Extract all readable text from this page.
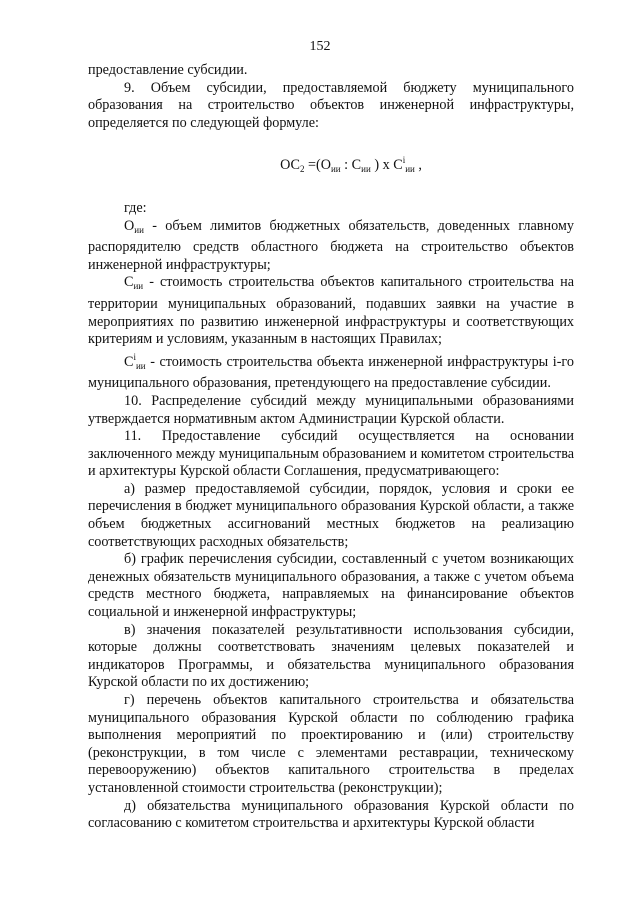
152

предоставление субсидии.

9. Объем субсидии, предоставляемой бюджету муниципального образования на строительство объектов инженерной инфраструктуры, определяется по следующей формуле:

$ОС_2 =(О_{ии}$ : $С_{ии}$ ) х $С^i_{ии}$ ,

где:

$О_{ии}$ - объем лимитов бюджетных обязательств, доведенных главному распорядителю средств областного бюджета на строительство объектов инженерной инфраструктуры;

$С_{ии}$ - стоимость строительства объектов капитального строительства на территории муниципальных образований, подавших заявки на участие в мероприятиях по развитию инженерной инфраструктуры и соответствующих критериям и условиям, указанным в настоящих Правилах;

$С^i_{ии}$ - стоимость строительства объекта инженерной инфраструктуры i-го муниципального образования, претендующего на предоставление субсидии.

10. Распределение субсидий между муниципальными образованиями утверждается нормативным актом Администрации Курской области.

11. Предоставление субсидий осуществляется на основании заключенного между муниципальным образованием и комитетом строительства и архитектуры Курской области Соглашения, предусматривающего:

а) размер предоставляемой субсидии, порядок, условия и сроки ее перечисления в бюджет муниципального образования Курской области, а также объем бюджетных ассигнований местных бюджетов на реализацию соответствующих расходных обязательств;

б) график перечисления субсидии, составленный с учетом возникающих денежных обязательств муниципального образования, а также с учетом объема средств местного бюджета, направляемых на финансирование объектов социальной и инженерной инфраструктуры;

в) значения показателей результативности использования субсидии, которые должны соответствовать значениям целевых показателей и индикаторов Программы, и обязательства муниципального образования Курской области по их достижению;

г) перечень объектов капитального строительства и обязательства муниципального образования Курской области по соблюдению графика выполнения мероприятий по проектированию и (или) строительству (реконструкции, в том числе с элементами реставрации, техническому перевооружению) объектов капитального строительства в пределах установленной стоимости строительства (реконструкции);

д) обязательства муниципального образования Курской области по согласованию с комитетом строительства и архитектуры Курской области
